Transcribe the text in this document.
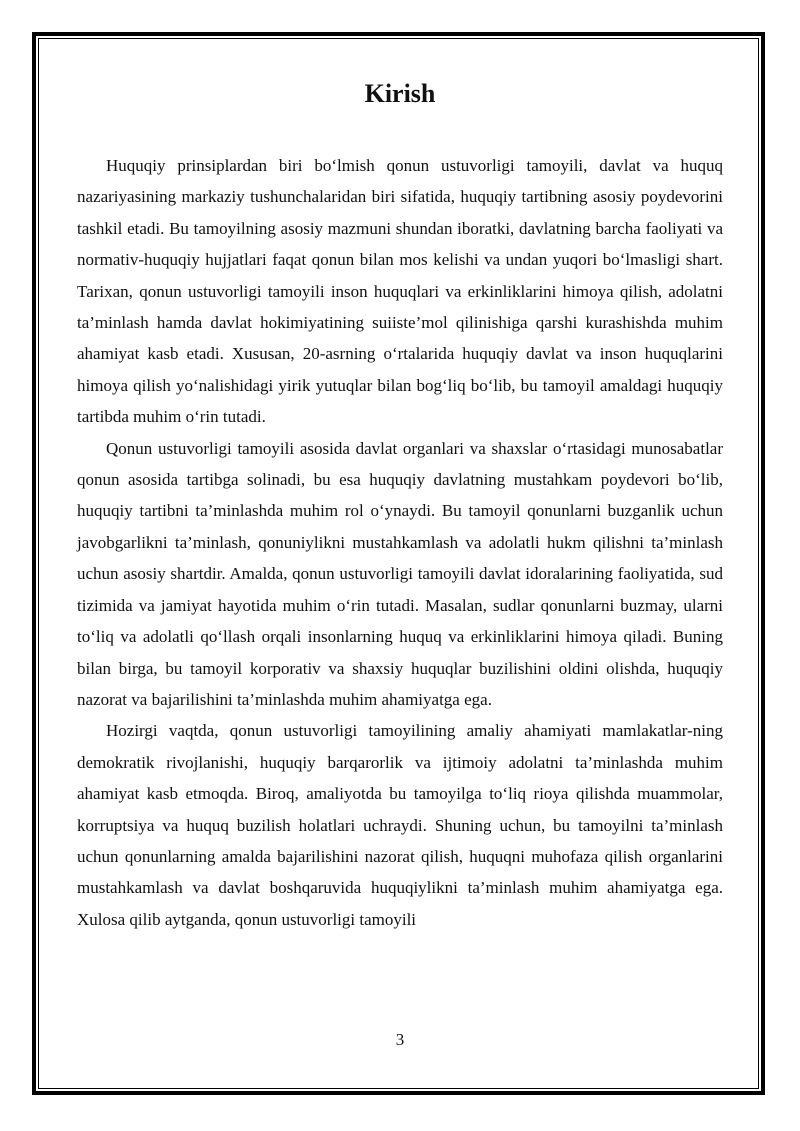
Kirish

Huquqiy prinsiplardan biri bo‘lmish qonun ustuvorligi tamoyili, davlat va huquq nazariyasining markaziy tushunchalaridan biri sifatida, huquqiy tartibning asosiy poydevorini tashkil etadi. Bu tamoyilning asosiy mazmuni shundan iboratki, davlatning barcha faoliyati va normativ-huquqiy hujjatlari faqat qonun bilan mos kelishi va undan yuqori bo‘lmasligi shart. Tarixan, qonun ustuvorligi tamoyili inson huquqlari va erkinliklarini himoya qilish, adolatni ta’minlash hamda davlat hokimiyatining suiiste’mol qilinishiga qarshi kurashishda muhim ahamiyat kasb etadi. Xususan, 20-asrning o‘rtalarida huquqiy davlat va inson huquqlarini himoya qilish yo‘nalishidagi yirik yutuqlar bilan bog‘liq bo‘lib, bu tamoyil amaldagi huquqiy tartibda muhim o‘rin tutadi.

Qonun ustuvorligi tamoyili asosida davlat organlari va shaxslar o‘rtasidagi munosabatlar qonun asosida tartibga solinadi, bu esa huquqiy davlatning mustahkam poydevori bo‘lib, huquqiy tartibni ta’minlashda muhim rol o‘ynaydi. Bu tamoyil qonunlarni buzganlik uchun javobgarlikni ta’minlash, qonuniylikni mustahkamlash va adolatli hukm qilishni ta’minlash uchun asosiy shartdir. Amalda, qonun ustuvorligi tamoyili davlat idoralarining faoliyatida, sud tizimida va jamiyat hayotida muhim o‘rin tutadi. Masalan, sudlar qonunlarni buzmay, ularni to‘liq va adolatli qo‘llash orqali insonlarning huquq va erkinliklarini himoya qiladi. Buning bilan birga, bu tamoyil korporativ va shaxsiy huquqlar buzilishini oldini olishda, huquqiy nazorat va bajarilishini ta’minlashda muhim ahamiyatga ega.

Hozirgi vaqtda, qonun ustuvorligi tamoyilining amaliy ahamiyati mamlakatlar-ning demokratik rivojlanishi, huquqiy barqarorlik va ijtimoiy adolatni ta’minlashda muhim ahamiyat kasb etmoqda. Biroq, amaliyotda bu tamoyilga to‘liq rioya qilishda muammolar, korruptsiya va huquq buzilish holatlari uchraydi. Shuning uchun, bu tamoyilni ta’minlash uchun qonunlarning amalda bajarilishini nazorat qilish, huquqni muhofaza qilish organlarini mustahkamlash va davlat boshqaruvida huquqiylikni ta’minlash muhim ahamiyatga ega. Xulosa qilib aytganda, qonun ustuvorligi tamoyili

3
